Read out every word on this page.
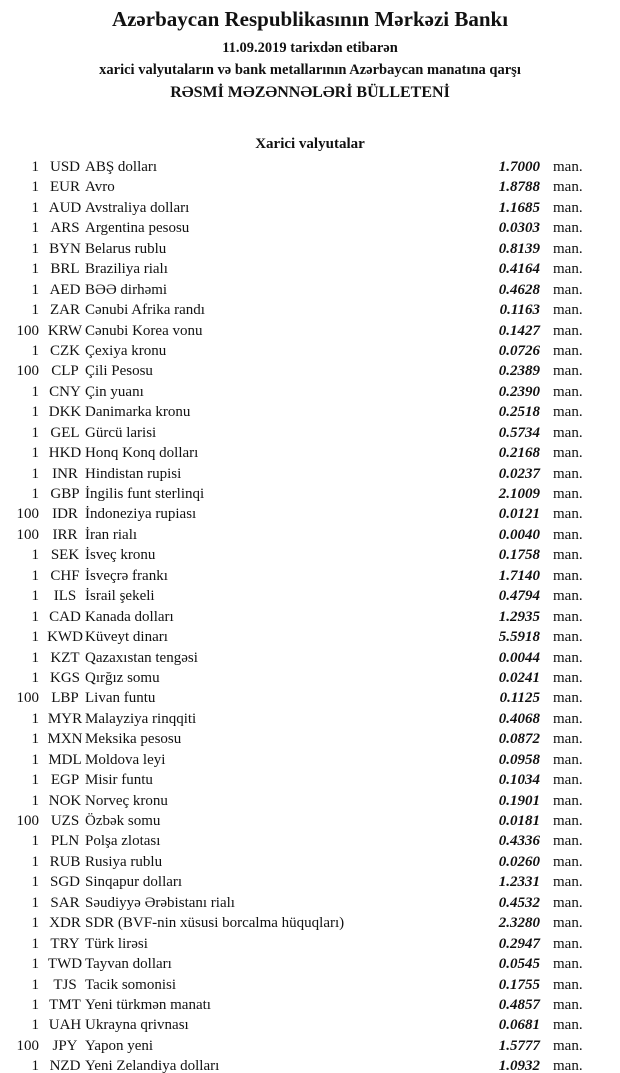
Azərbaycan Respublikasının Mərkəzi Bankı

11.09.2019 tarixdən etibarən

xarici valyutaların və bank metallarının Azərbaycan manatına qarşı

RƏSMİ MƏZƏNNƏLƏRİ BÜLLETENİ

Xarici valyutalar
1 USD ABŞ dolları	1.7000 man.
1 EUR Avro	1.8788 man.
1 AUD Avstraliya dolları	1.1685 man.
1 ARS Argentina pesosu	0.0303 man.
1 BYN Belarus rublu	0.8139 man.
1 BRL Braziliya rialı	0.4164 man.
1 AED BƏƏ dirhəmi	0.4628 man.
1 ZAR Cənubi Afrika randı	0.1163 man.
100 KRW Cənubi Korea vonu	0.1427 man.
1 CZK Çexiya kronu	0.0726 man.
100 CLP Çili Pesosu	0.2389 man.
1 CNY Çin yuanı	0.2390 man.
1 DKK Danimarka kronu	0.2518 man.
1 GEL Gürcü larisi	0.5734 man.
1 HKD Honq Konq dolları	0.2168 man.
1 INR Hindistan rupisi	0.0237 man.
1 GBP İngilis funt sterlinqi	2.1009 man.
100 IDR İndoneziya rupiası	0.0121 man.
100 IRR İran rialı	0.0040 man.
1 SEK İsveç kronu	0.1758 man.
1 CHF İsveçrə frankı	1.7140 man.
1 ILS İsrail şekeli	0.4794 man.
1 CAD Kanada dolları	1.2935 man.
1 KWD Küveyt dinarı	5.5918 man.
1 KZT Qazaxıstan tengəsi	0.0044 man.
1 KGS Qırğız somu	0.0241 man.
100 LBP Livan funtu	0.1125 man.
1 MYR Malayziya rinqqiti	0.4068 man.
1 MXN Meksika pesosu	0.0872 man.
1 MDL Moldova leyi	0.0958 man.
1 EGP Misir funtu	0.1034 man.
1 NOK Norveç kronu	0.1901 man.
100 UZS Özbək somu	0.0181 man.
1 PLN Polşa zlotası	0.4336 man.
1 RUB Rusiya rublu	0.0260 man.
1 SGD Sinqapur dolları	1.2331 man.
1 SAR Səudiyyə Ərəbistanı rialı	0.4532 man.
1 XDR SDR (BVF-nin xüsusi borcalma hüquqları)	2.3280 man.
1 TRY Türk lirəsi	0.2947 man.
1 TWD Tayvan dolları	0.0545 man.
1 TJS Tacik somonisi	0.1755 man.
1 TMT Yeni türkmən manatı	0.4857 man.
1 UAH Ukrayna qrivnası	0.0681 man.
100 JPY Yapon yeni	1.5777 man.
1 NZD Yeni Zelandiya dolları	1.0932 man.
